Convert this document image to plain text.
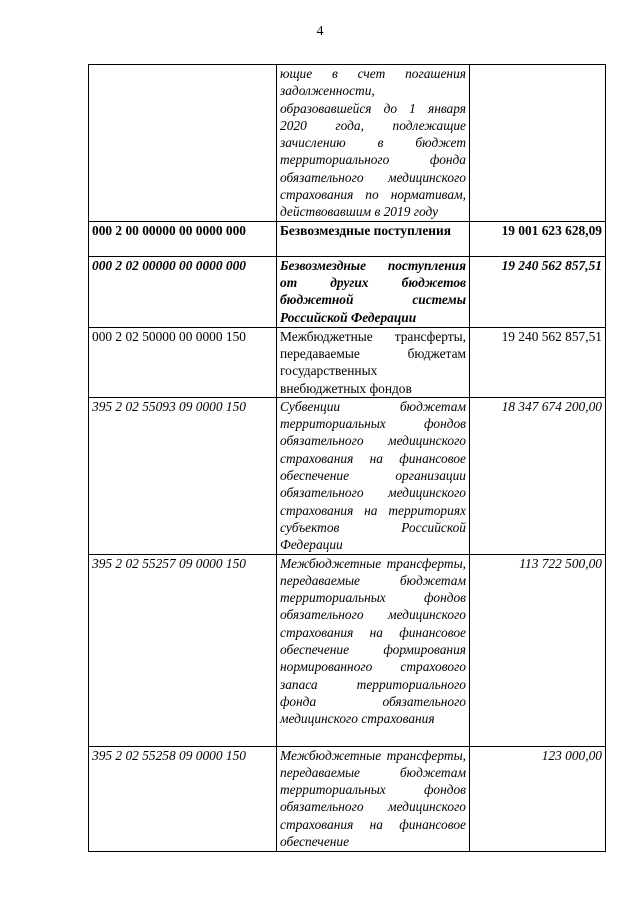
4
	ющие в счет погашения задолженности, образовавшейся до 1 января 2020 года, подлежащие зачислению в бюджет территориального фонда обязательного медицинского страхования по нормативам, действовавшим в 2019 году	
000 2 00 00000 00 0000 000	Безвозмездные поступления	19 001 623 628,09
000 2 02 00000 00 0000 000	Безвозмездные поступления от других бюджетов бюджетной системы Российской Федерации	19 240 562 857,51
000 2 02 50000 00 0000 150	Межбюджетные трансферты, передаваемые бюджетам государственных внебюджетных фондов	19 240 562 857,51
395 2 02 55093 09 0000 150	Субвенции бюджетам территориальных фондов обязательного медицинского страхования на финансовое обеспечение организации обязательного медицинского страхования на территориях субъектов Российской Федерации	18 347 674 200,00
395 2 02 55257 09 0000 150	Межбюджетные трансферты, передаваемые бюджетам территориальных фондов обязательного медицинского страхования на финансовое обеспечение формирования нормированного страхового запаса территориального фонда обязательного медицинского страхования	113 722 500,00
395 2 02 55258 09 0000 150	Межбюджетные трансферты, передаваемые бюджетам территориальных фондов обязательного медицинского страхования на финансовое обеспечение	123 000,00
